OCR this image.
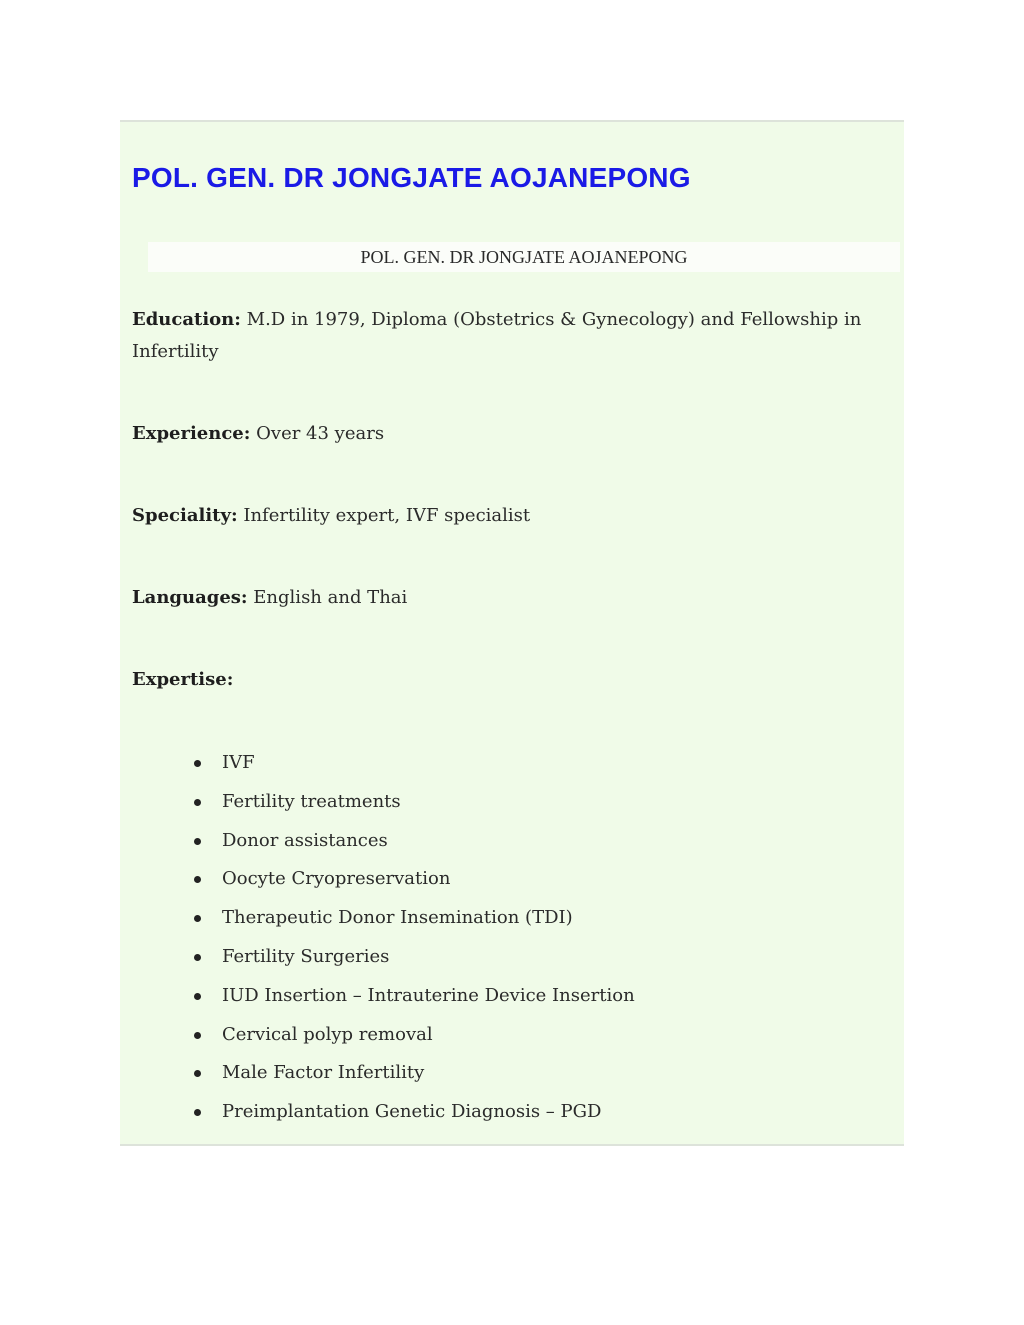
POL. GEN. DR JONGJATE AOJANEPONG
POL. GEN. DR JONGJATE AOJANEPONG
Education: M.D in 1979, Diploma (Obstetrics & Gynecology) and Fellowship in Infertility
Experience: Over 43 years
Speciality: Infertility expert, IVF specialist
Languages: English and Thai
Expertise:
IVF
Fertility treatments
Donor assistances
Oocyte Cryopreservation
Therapeutic Donor Insemination (TDI)
Fertility Surgeries
IUD Insertion – Intrauterine Device Insertion
Cervical polyp removal
Male Factor Infertility
Preimplantation Genetic Diagnosis – PGD
